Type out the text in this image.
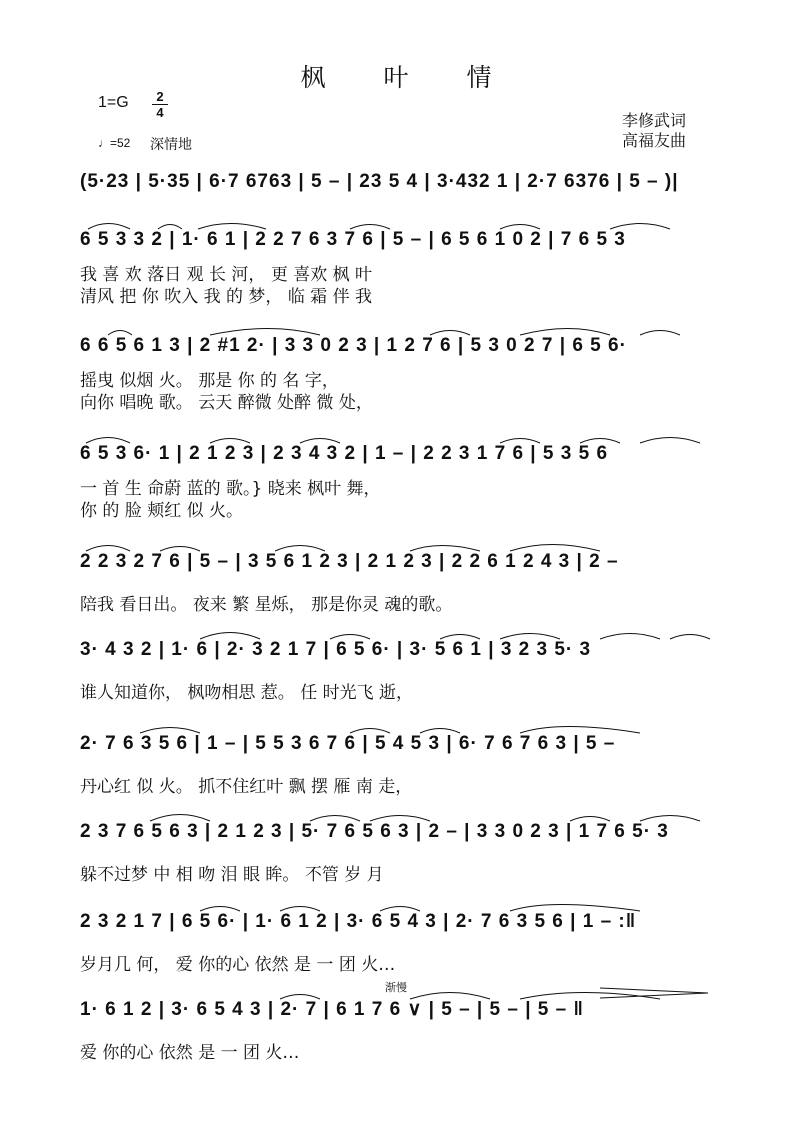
枫叶情
1=G	2
4
♩=52 深情地
李修武词
高福友曲
(5·23 | 5·35 | 6·7 6763 | 5 – | 23 5 4 | 3·432 1 | 2·7 6376 | 5 – )|
6 5 3 3 2 | 1· 6 1 | 2 2 7 6 3 7 6 | 5 – | 6 5 6 1 0 2 | 7 6 5 3
我 喜 欢 落日 观 长 河， 更 喜欢 枫 叶
清风 把 你 吹入 我 的 梦， 临 霜 伴 我
6 6 5 6 1 3 | 2 #1 2· | 3 3 0 2 3 | 1 2 7 6 | 5 3 0 2 7 | 6 5 6·
摇曳 似烟 火。 那是 你 的 名 字，
向你 唱晚 歌。 云天 醉微 处醉 微 处，
6 5 3 6· 1 | 2 1 2 3 | 2 3 4 3 2 | 1 – | 2 2 3 1 7 6 | 5 3 5 6
一 首 生 命蔚 蓝的 歌。} 晓来 枫叶 舞，
你 的 脸 颊红 似 火。
2 2 3 2 7 6 | 5 – | 3 5 6 1 2 3 | 2 1 2 3 | 2 2 6 1 2 4 3 | 2 –
陪我 看日出。 夜来 繁 星烁， 那是你灵 魂的歌。
3· 4 3 2 | 1· 6 | 2· 3 2 1 7 | 6 5 6· | 3· 5 6 1 | 3 2 3 5· 3
谁人知道你， 枫吻相思 惹。 任 时光飞 逝，
2· 7 6 3 5 6 | 1 – | 5 5 3 6 7 6 | 5 4 5 3 | 6· 7 6 7 6 3 | 5 –
丹心红 似 火。 抓不住红叶 飘 摆 雁 南 走，
2 3 7 6 5 6 3 | 2 1 2 3 | 5· 7 6 5 6 3 | 2 – | 3 3 0 2 3 | 1 7 6 5· 3
躲不过梦 中 相 吻 泪 眼 眸。 不管 岁 月
2 3 2 1 7 | 6 5 6· | 1· 6 1 2 | 3· 6 5 4 3 | 2· 7 6 3 5 6 | 1 – :‖
岁月几 何， 爱 你的心 依然 是 一 团 火…
渐慢
1· 6 1 2 | 3· 6 5 4 3 | 2· 7 | 6 1 7 6 ∨ | 5 – | 5 – | 5 – ‖
爱 你的心 依然 是 一 团 火…
